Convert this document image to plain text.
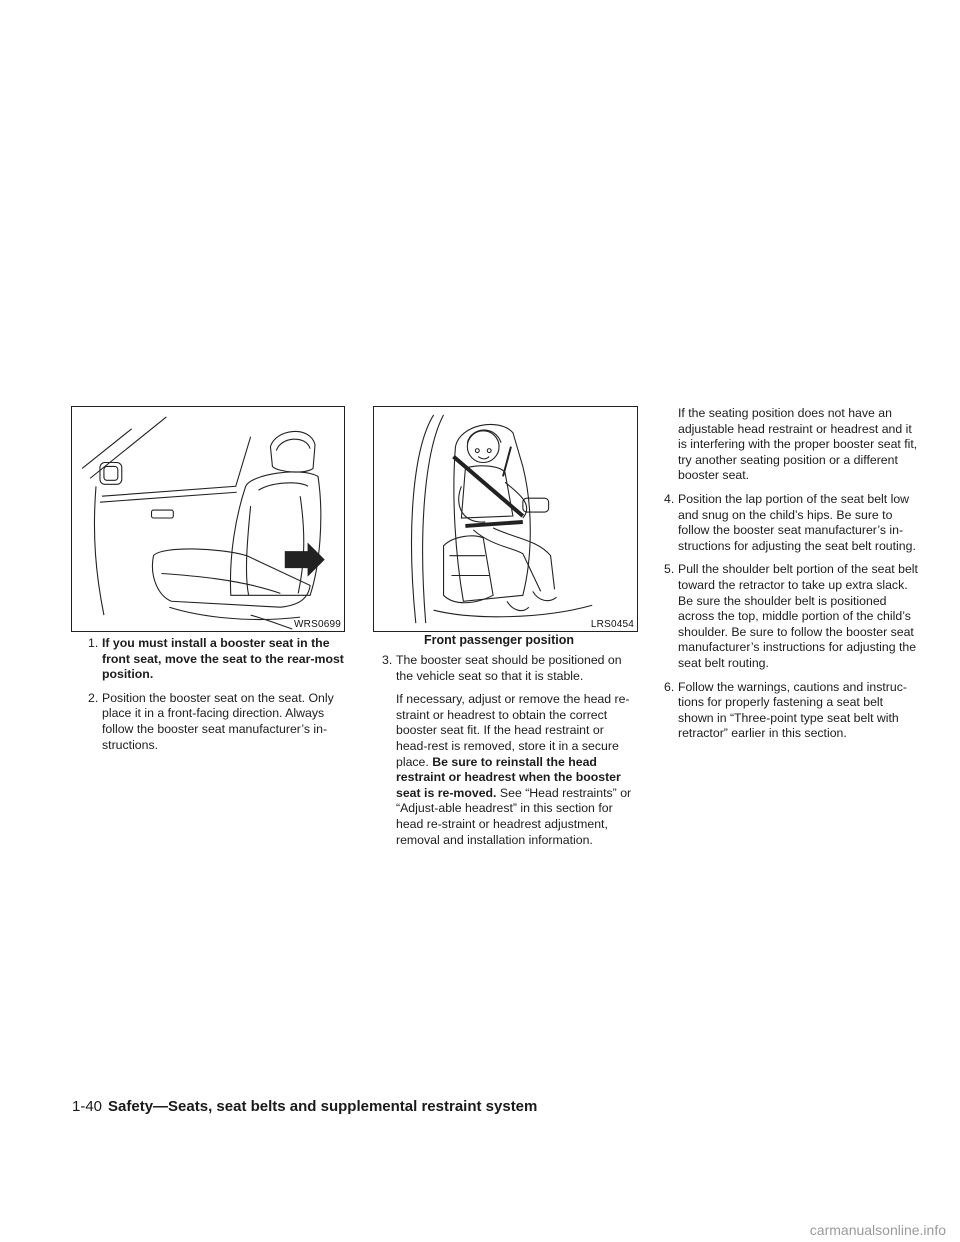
WRS0699	LRS0454
Front passenger position
1. If you must install a booster seat in the front seat, move the seat to the rear-most position.
2. Position the booster seat on the seat. Only place it in a front-facing direction. Always follow the booster seat manufacturer’s in-structions.
3. The booster seat should be positioned on the vehicle seat so that it is stable.
If necessary, adjust or remove the head re-straint or headrest to obtain the correct booster seat fit. If the head restraint or head-rest is removed, store it in a secure place. Be sure to reinstall the head restraint or headrest when the booster seat is re-moved. See “Head restraints” or “Adjust-able headrest” in this section for head re-straint or headrest adjustment, removal and installation information.
If the seating position does not have an adjustable head restraint or headrest and it is interfering with the proper booster seat fit, try another seating position or a different booster seat.
4. Position the lap portion of the seat belt low and snug on the child’s hips. Be sure to follow the booster seat manufacturer’s in-structions for adjusting the seat belt routing.
5. Pull the shoulder belt portion of the seat belt toward the retractor to take up extra slack. Be sure the shoulder belt is positioned across the top, middle portion of the child’s shoulder. Be sure to follow the booster seat manufacturer’s instructions for adjusting the seat belt routing.
6. Follow the warnings, cautions and instruc-tions for properly fastening a seat belt shown in “Three-point type seat belt with retractor” earlier in this section.
1-40 Safety—Seats, seat belts and supplemental restraint system
carmanualsonline.info
